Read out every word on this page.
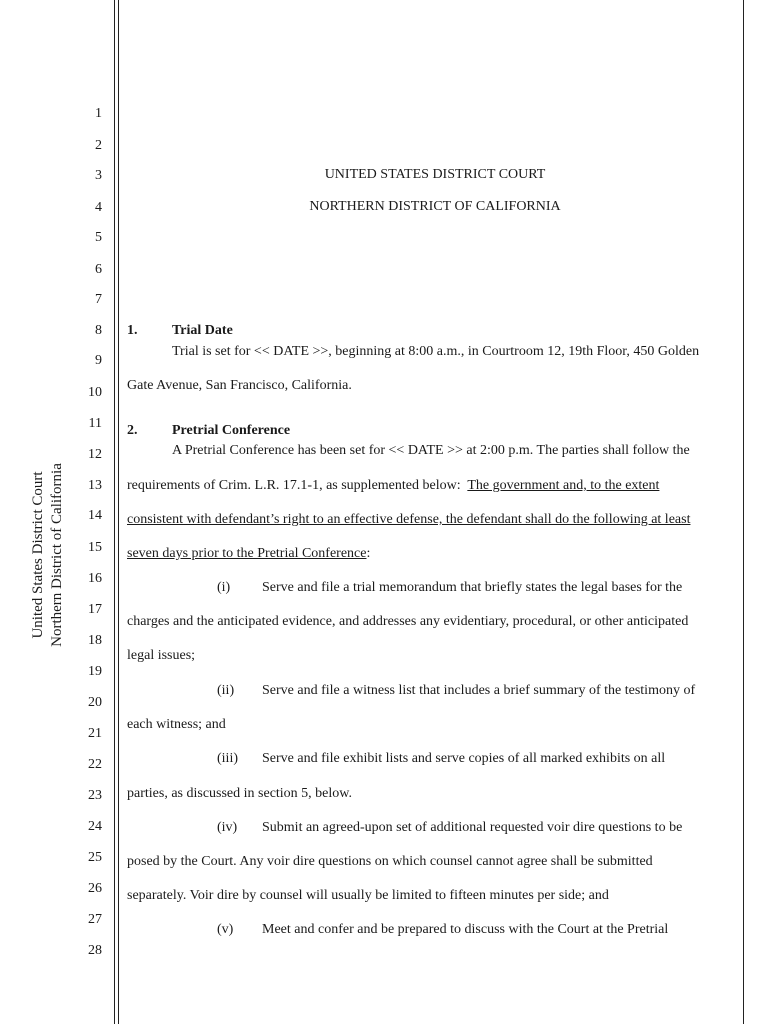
1
2
3
4
5
6
7
8
9
10
11
12
13
14
15
16
17
18
19
20
21
22
23
24
25
26
27
28
United States District Court Northern District of California
UNITED STATES DISTRICT COURT
NORTHERN DISTRICT OF CALIFORNIA
1. Trial Date
Trial is set for << DATE >>, beginning at 8:00 a.m., in Courtroom 12, 19th Floor, 450 Golden
Gate Avenue, San Francisco, California.
2. Pretrial Conference
A Pretrial Conference has been set for << DATE >> at 2:00 p.m. The parties shall follow the
requirements of Crim. L.R. 17.1-1, as supplemented below:  The government and, to the extent
consistent with defendant’s right to an effective defense, the defendant shall do the following at least
seven days prior to the Pretrial Conference:
(i) Serve and file a trial memorandum that briefly states the legal bases for the
charges and the anticipated evidence, and addresses any evidentiary, procedural, or other anticipated
legal issues;
(ii) Serve and file a witness list that includes a brief summary of the testimony of
each witness; and
(iii) Serve and file exhibit lists and serve copies of all marked exhibits on all
parties, as discussed in section 5, below.
(iv) Submit an agreed-upon set of additional requested voir dire questions to be
posed by the Court. Any voir dire questions on which counsel cannot agree shall be submitted
separately. Voir dire by counsel will usually be limited to fifteen minutes per side; and
(v) Meet and confer and be prepared to discuss with the Court at the Pretrial
